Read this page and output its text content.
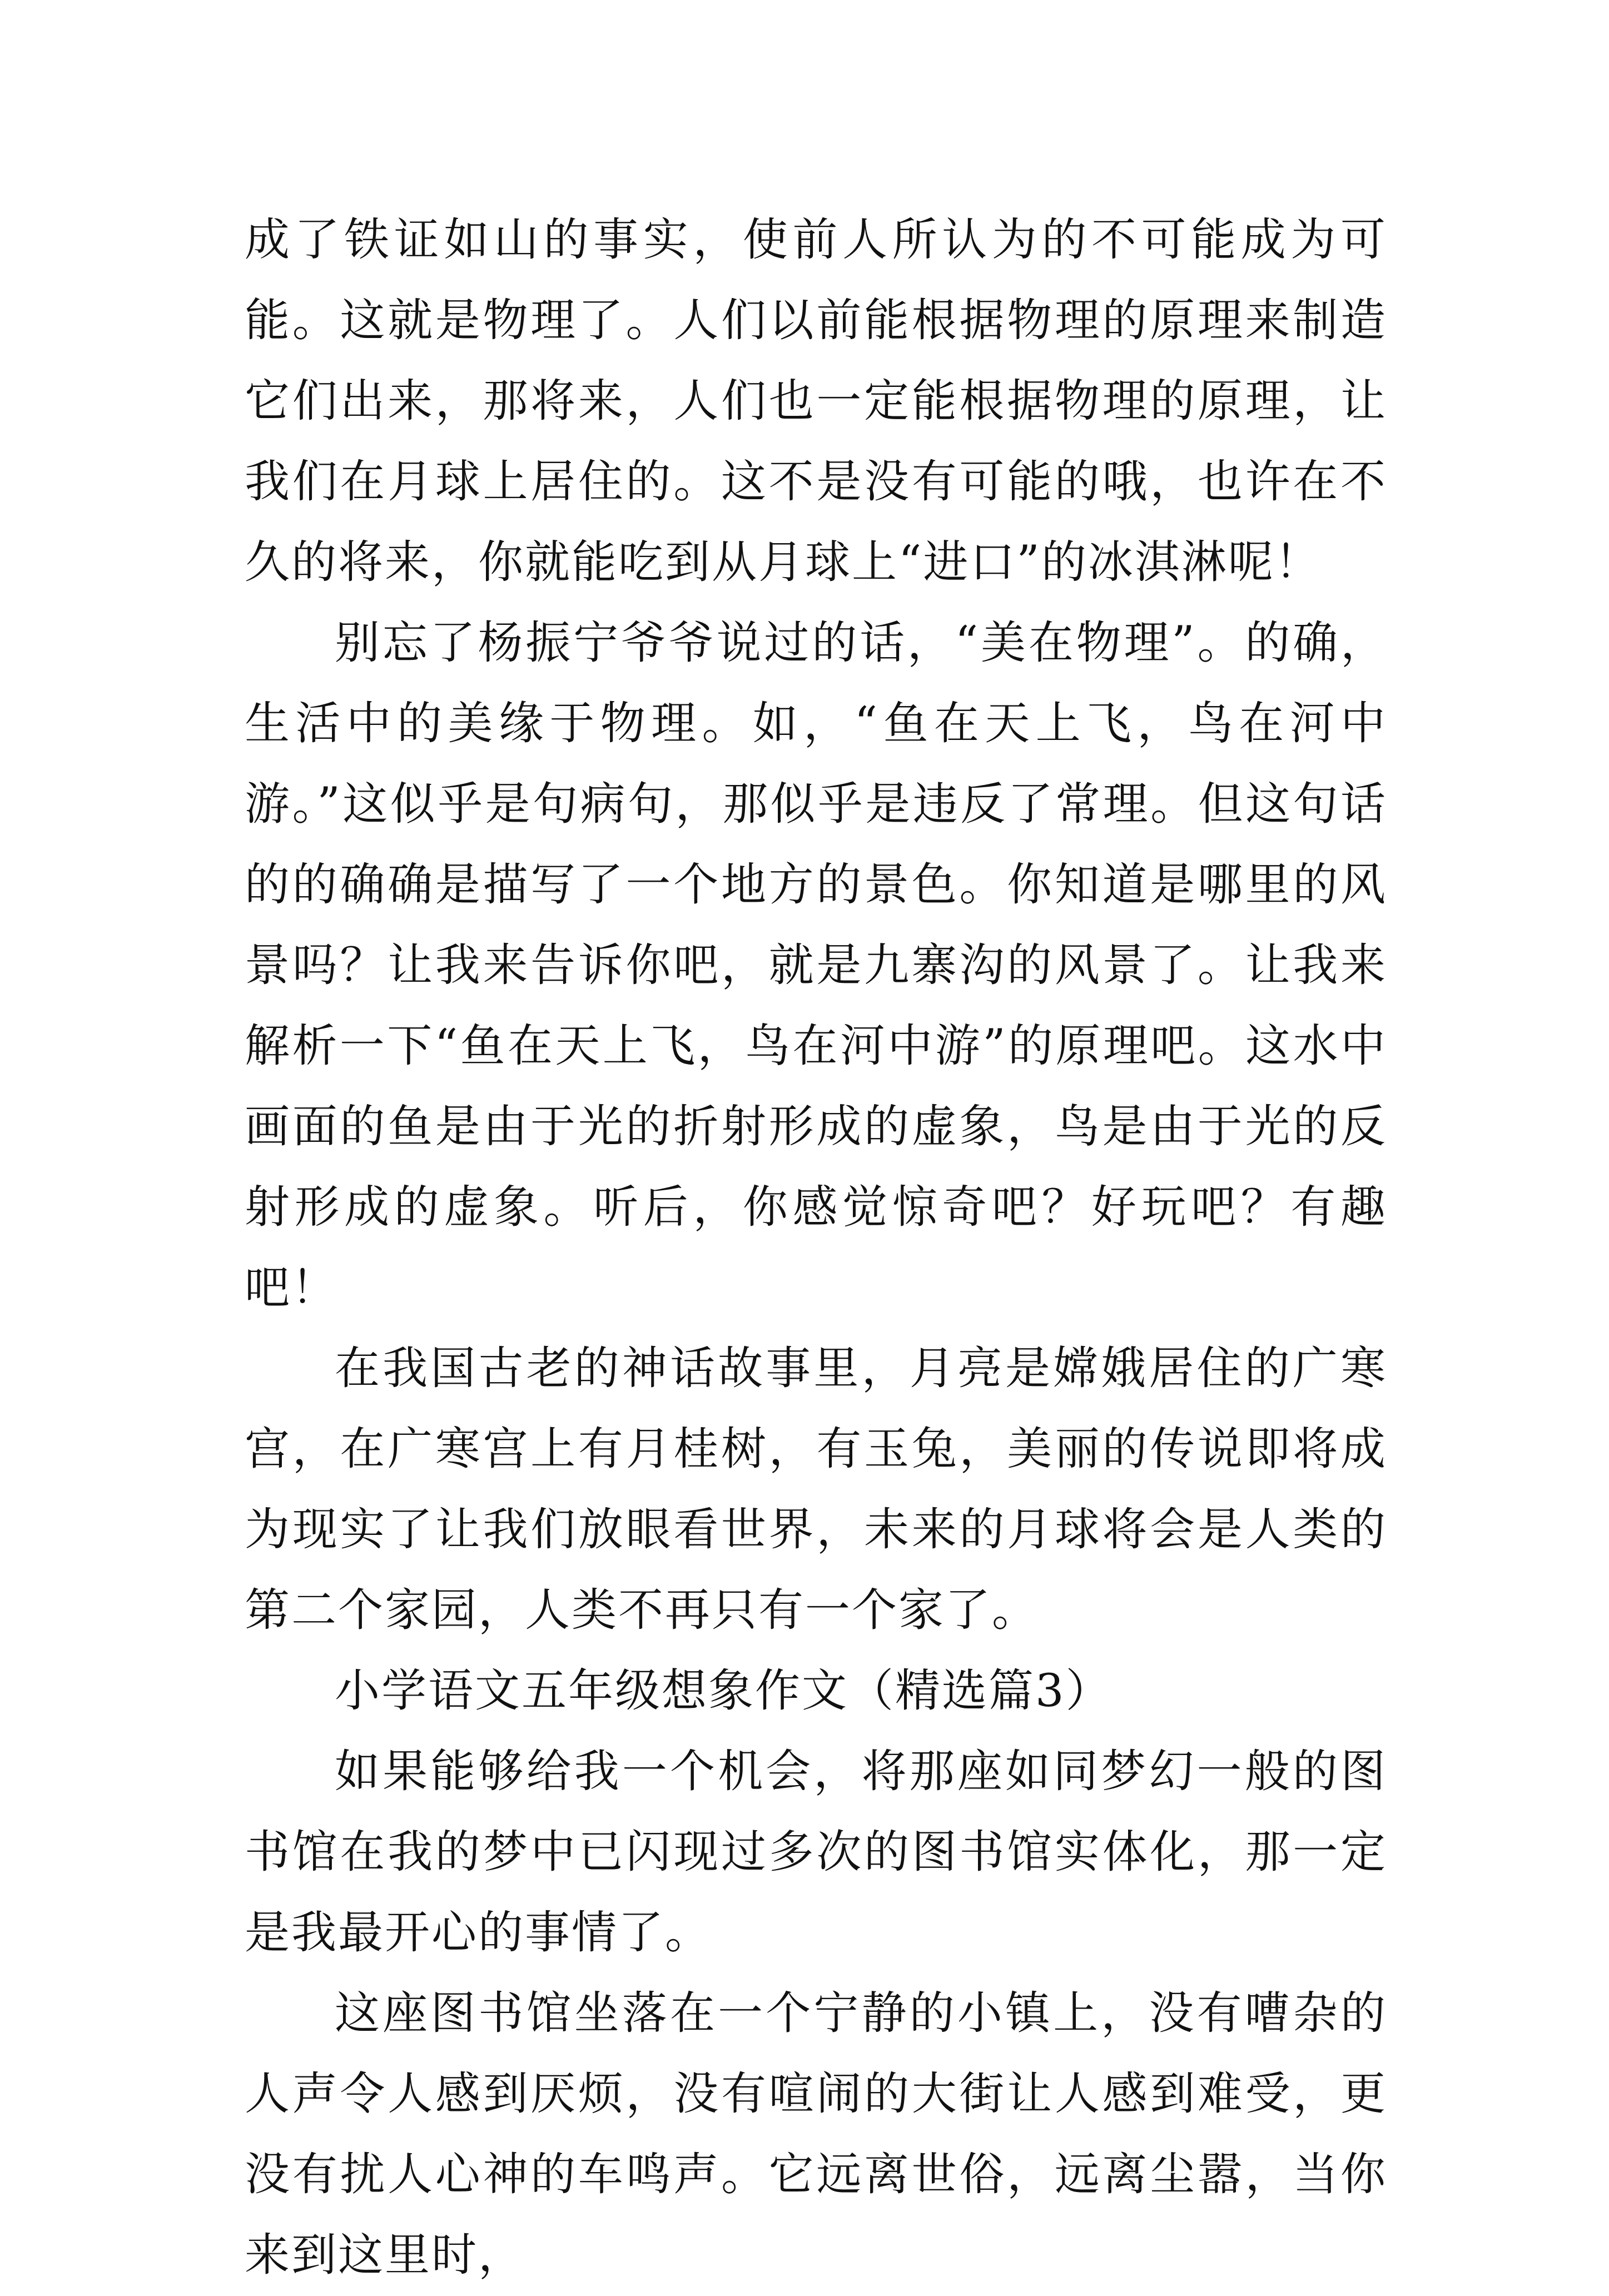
成了铁证如山的事实，使前人所认为的不可能成为可能。这就是物理了。人们以前能根据物理的原理来制造它们出来，那将来，人们也一定能根据物理的原理，让我们在月球上居住的。这不是没有可能的哦，也许在不久的将来，你就能吃到从月球上“进口”的冰淇淋呢！

别忘了杨振宁爷爷说过的话，“美在物理”。的确，生活中的美缘于物理。如，“鱼在天上飞，鸟在河中游。”这似乎是句病句，那似乎是违反了常理。但这句话的的确确是描写了一个地方的景色。你知道是哪里的风景吗？让我来告诉你吧，就是九寨沟的风景了。让我来解析一下“鱼在天上飞，鸟在河中游”的原理吧。这水中画面的鱼是由于光的折射形成的虚象，鸟是由于光的反射形成的虚象。听后，你感觉惊奇吧？好玩吧？有趣吧！

在我国古老的神话故事里，月亮是嫦娥居住的广寒宫，在广寒宫上有月桂树，有玉兔，美丽的传说即将成为现实了让我们放眼看世界，未来的月球将会是人类的第二个家园，人类不再只有一个家了。

小学语文五年级想象作文（精选篇3）

如果能够给我一个机会，将那座如同梦幻一般的图书馆在我的梦中已闪现过多次的图书馆实体化，那一定是我最开心的事情了。

这座图书馆坐落在一个宁静的小镇上，没有嘈杂的人声令人感到厌烦，没有喧闹的大街让人感到难受，更没有扰人心神的车鸣声。它远离世俗，远离尘嚣，当你来到这里时，
